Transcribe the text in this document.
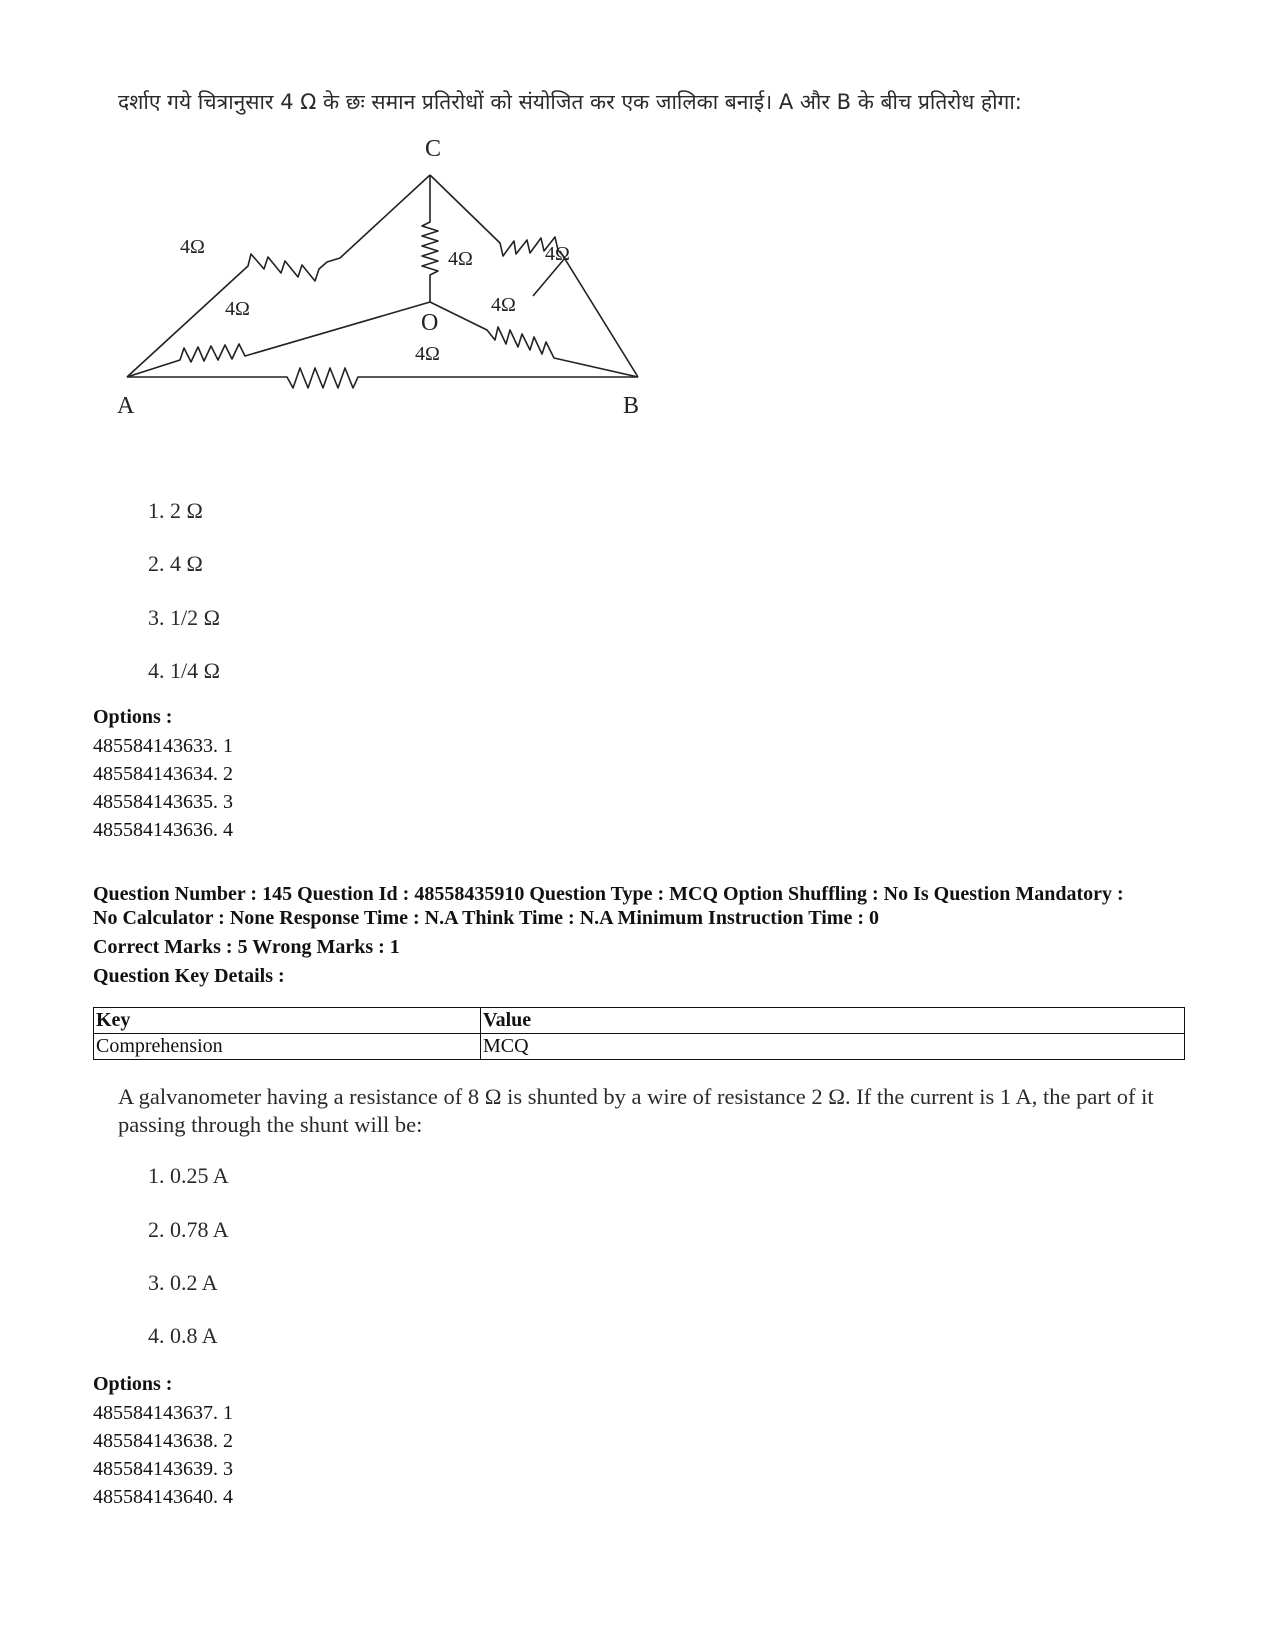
दर्शाए गये चित्रानुसार 4 Ω के छः समान प्रतिरोधों को संयोजित कर एक जालिका बनाई। A और B के बीच प्रतिरोध होगा:
C
O
A	B
4Ω
4Ω	4Ω
4Ω	4Ω
4Ω
1. 2 Ω
2. 4 Ω
3. 1/2 Ω
4. 1/4 Ω
Options :
485584143633. 1
485584143634. 2
485584143635. 3
485584143636. 4
Question Number : 145 Question Id : 48558435910 Question Type : MCQ Option Shuffling : No Is Question Mandatory :
No Calculator : None Response Time : N.A Think Time : N.A Minimum Instruction Time : 0
Correct Marks : 5 Wrong Marks : 1
Question Key Details :
Key	Value
Comprehension	MCQ
A galvanometer having a resistance of 8 Ω is shunted by a wire of resistance 2 Ω. If the current is 1 A, the part of it passing through the shunt will be:
1. 0.25 A
2. 0.78 A
3. 0.2 A
4. 0.8 A
Options :
485584143637. 1
485584143638. 2
485584143639. 3
485584143640. 4
